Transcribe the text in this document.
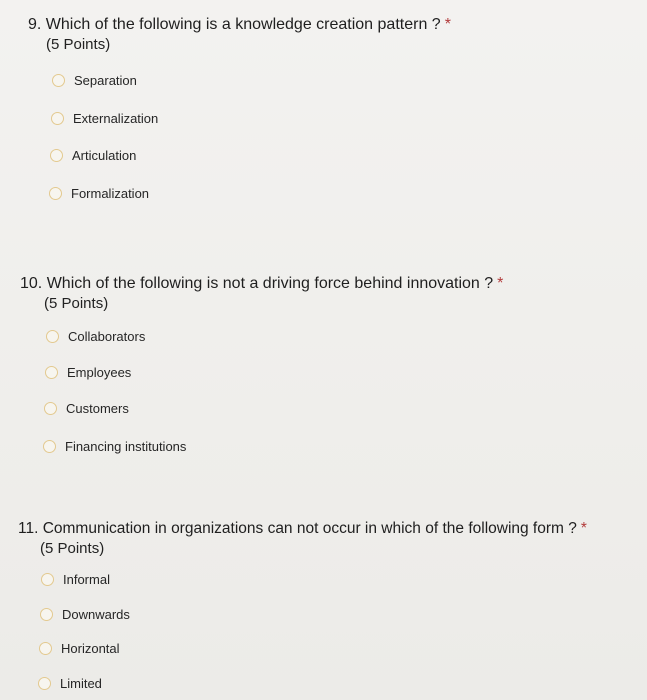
9. Which of the following is a knowledge creation pattern ? *
(5 Points)
Separation
Externalization
Articulation
Formalization
10. Which of the following is not a driving force behind innovation ? *
(5 Points)
Collaborators
Employees
Customers
Financing institutions
11. Communication in organizations can not occur in which of the following form ? *
(5 Points)
Informal
Downwards
Horizontal
Limited
